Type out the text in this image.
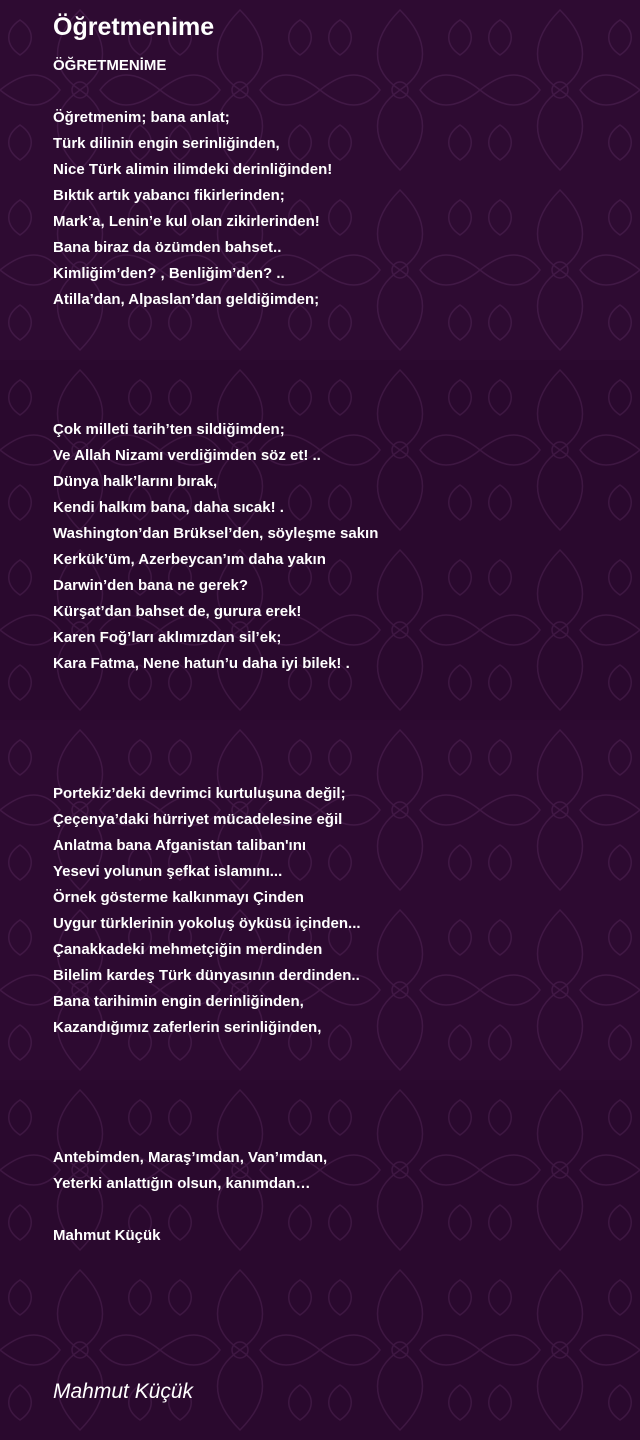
Öğretmenime
ÖĞRETMENİME
Öğretmenim; bana anlat;
Türk dilinin engin serinliğinden,
Nice Türk alimin ilimdeki derinliğinden!
Bıktık artık yabancı fikirlerinden;
Mark’a, Lenin’e kul olan zikirlerinden!
Bana biraz da özümden bahset..
Kimliğim’den? , Benliğim’den? ..
Atilla’dan, Alpaslan’dan geldiğimden;
Çok milleti tarih’ten sildiğimden;
Ve Allah Nizamı verdiğimden söz et! ..
Dünya halk’larını bırak,
Kendi halkım bana, daha sıcak! .
Washington’dan Brüksel’den, söyleşme sakın
Kerkük’üm, Azerbeycan’ım daha yakın
Darwin’den bana ne gerek?
Kürşat’dan bahset de, gurura erek!
Karen Foğ’ları aklımızdan sil’ek;
Kara Fatma, Nene hatun’u daha iyi bilek! .
Portekiz’deki devrimci kurtuluşuna değil;
Çeçenya’daki hürriyet mücadelesine eğil
Anlatma bana Afganistan taliban'ını
Yesevi yolunun şefkat islamını...
Örnek gösterme kalkınmayı Çinden
Uygur türklerinin yokoluş öyküsü içinden...
Çanakkadeki mehmetçiğin merdinden
Bilelim kardeş Türk dünyasının derdinden..
Bana tarihimin engin derinliğinden,
Kazandığımız zaferlerin serinliğinden,
Antebimden, Maraş’ımdan, Van’ımdan,
Yeterki anlattığın olsun, kanımdan…
Mahmut Küçük
Mahmut Küçük
